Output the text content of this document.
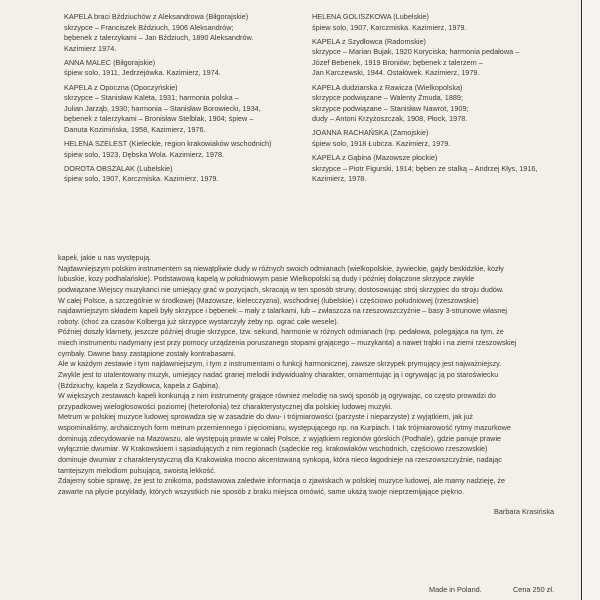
KAPELA braci Bździuchów z Aleksandrowa (Biłgorajskie)
skrzypce – Franciszek Bździuch, 1906 Aleksandrów;
bębenek z talerzykami – Jan Bździuch, 1890 Aleksandrów.
Kazimierz 1974.
ANNA MALEC (Biłgorajskie)
śpiew solo, 1911, Jedrzejówka. Kazimierz, 1974.
KAPELA z Opoczna (Opoczyńskie)
skrzypce – Stanisław Kaleta, 1931; harmonia polska –
Julian Jarząb, 1930; harmonia – Stanisław Borowiecki, 1934,
bębenek z talerzykami – Bronisław Stelblak, 1904; śpiew –
Danuta Kozimińska, 1958, Kazimierz, 1976.
HELENA SZELEST (Kieleckie, region krakowiaków wschodnich)
śpiew solo, 1923, Dębska Wola. Kazimierz, 1978.
DOROTA OBSZALAK (Lubelskie)
śpiew solo, 1907, Karczmiska. Kazimierz, 1979.
HELENA GOLISZKOWA (Lubelskie)
śpiew solo, 1907, Karczmiska. Kazimierz, 1979.
KAPELA z Szydłowca (Radomskie)
skrzypce – Marian Bujak, 1920 Koryciska; harmonia pedałowa –
Józef Bebenek, 1919 Broniów; bębenek z talerzem –
Jan Karczewski, 1944. Ostałówek. Kazimierz, 1979.
KAPELA dudziarska z Rawicza (Wielkopolska)
skrzypce podwiązane – Walenty Żmuda, 1889;
skrzypce podwiązane – Stanisław Nawrot, 1909;
dudy – Antoni Krzyżoszczak, 1908, Płock, 1978.
JOANNA RACHAŃSKA (Zamojskie)
śpiew solo, 1918 Łubcza. Kazimierz, 1979.
KAPELA z Gąbina (Mazowsze płockie)
skrzypce – Piotr Figurski, 1914; bęben ze stalką – Andrzej Kłys, 1916,
Kazimierz, 1978.
kapeli, jakie u nas występują.
Najdawniejszym polskim instrumentem są niewątpliwie dudy w różnych swoich odmianach (wielkopolskie, żywieckie, gajdy beskidzkie, kozły
lubuskie, kozy podhalańskie). Podstawową kapelą w południowym pasie Wielkopolski są dudy i później dołączone skrzypce zwykle
podwiązane.Wiejscy muzykanci nie umiejący grać w pozycjach, skracają w ten sposób struny, dostosowując strój skrzypiec do stroju dudów.
W całej Polsce, a szczególnie w środkowej (Mazowsze, kielecczyzna), wschodniej (lubelskie) i częściowo południowej (rzeszowskie)
najdawniejszym składem kapeli były skrzypce i bębenek – mały z talarkami, lub – zwłaszcza na rzeszowszczyźnie – basy 3-strunowe własnej
roboty. (choć za czasów Kolberga już skrzypce wystarczyły żeby np. ograć całe wesele).
Później doszły klarnety, jeszcze później drugie skrzypce, tzw. sekund, harmonie w różnych odmianach (np. pedałowa, polegająca na tym, że
miech instrumentu nadymany jest przy pomocy urządzenia poruszanego stopami grającego – muzykanta) a nawet trąbki i na ziemi rzeszowskiej
cymbały. Dawne basy zastąpione zostały kontrabasami.
Ale w każdym zestawie i tym najdawniejszym, i tym z instrumentami o funkcji harmonicznej, zawsze skrzypek prymujący jest najważniejszy.
Zwykle jest to utalentowany muzyk, umiejący nadać granej melodii indywidualny charakter, ornamentując ją i ogrywając ją po staroświecku
(Bździuchy, kapela z Szydłowca, kapela z Gąbina).
W większych zestawach kapeli konkurują z nim instrumenty grające również melodię na swój sposób ją ogrywając, co często prowadzi do
przypadkowej wielogłosowości poziomej (heterofonia) też charakterystycznej dla polskiej ludowej muzyki.
Metrum w polskiej muzyce ludowej sprowadza się w zasadzie do dwu- i trójmiarowości (parzyste i nieparzyste) z wyjątkiem, jak już
wspominaliśmy, archaicznych form metrum przemiennego i pięciomiaru, występującego np. na Kurpiach. I tak trójmiarowość rytmy mazurkowe
dominują zdecydowanie na Mazowszu, ale występują prawie w całej Polsce, z wyjątkiem regionów górskich (Podhale), gdzie panuje prawie
wyłącznie dwumiar. W Krakowskiem i sąsiadujących z nim regionach (sądeckie reg. krakowiaków wschodnich, częściowo rzeszowskie)
dominuje dwumiar z charakterystyczną dla Krakowiaka mocno akcentowaną synkopą, która nieco łagodnieje na rzeszowszczyźnie, nadając
tamtejszym melodiom pulsującą, swoistą lekkość.
Zdajemy sobie sprawę, że jest to znikoma, podstawowa zaledwie informacja o zjawiskach w polskiej muzyce ludowej, ale mamy nadzieję, że
zawarte na płycie przykłady, których wszystkich nie sposób z braku miejsca omówić, same ukażą swoje nieprzemijające piękno.
Barbara Krasińska
Made in Poland.	Cena 250 zł.
